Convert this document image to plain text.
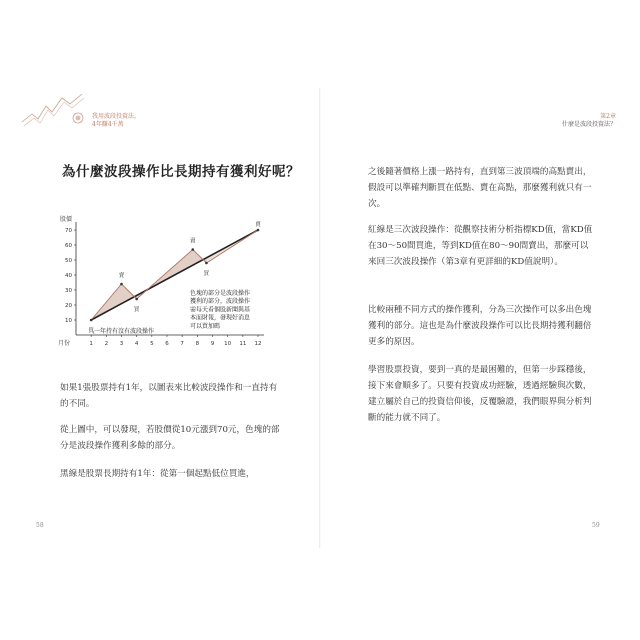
我用波段投資法，
4年賺4千萬
第2章
什麼是波段投資法？
為什麼波段操作比長期持有獲利好呢？
10
20
30
40
50
60
70
1 2 3 4 5 6 7 8 9 10 11 12
股價
月份
買
賣
買
賣
買
賣
色塊的部分是波段操作
獲利的部分，波段操作
需每天看個股新聞與基
本面財報，發現好消息
可以買加碼
一年持有沒有波段操作

如果1張股票持有1年，以圖表來比較波段操作和一直持有的不同。

從上圖中，可以發現，若股價從10元漲到70元，色塊的部分是波段操作獲利多餘的部分。

黑線是股票長期持有1年：從第一個起點低位買進，

之後隨著價格上漲一路持有，直到第三波頂端的高點賣出，假設可以準確判斷買在低點、賣在高點，那麼獲利就只有一次。

紅線是三次波段操作：從觀察技術分析指標KD值，當KD值在30～50間買進，等到KD值在80～90間賣出，那麼可以來回三次波段操作（第3章有更詳細的KD值說明）。

比較兩種不同方式的操作獲利，分為三次操作可以多出色塊獲利的部分。這也是為什麼波段操作可以比長期持獲利翻倍更多的原因。

學習股票投資，要到一真的是最困難的，但第一步踩穩後，接下來會順多了。只要有投資成功經驗，透過經驗與次數，建立屬於自己的投資信仰後，反覆驗證，我們眼界與分析判斷的能力就不同了。

58	59
